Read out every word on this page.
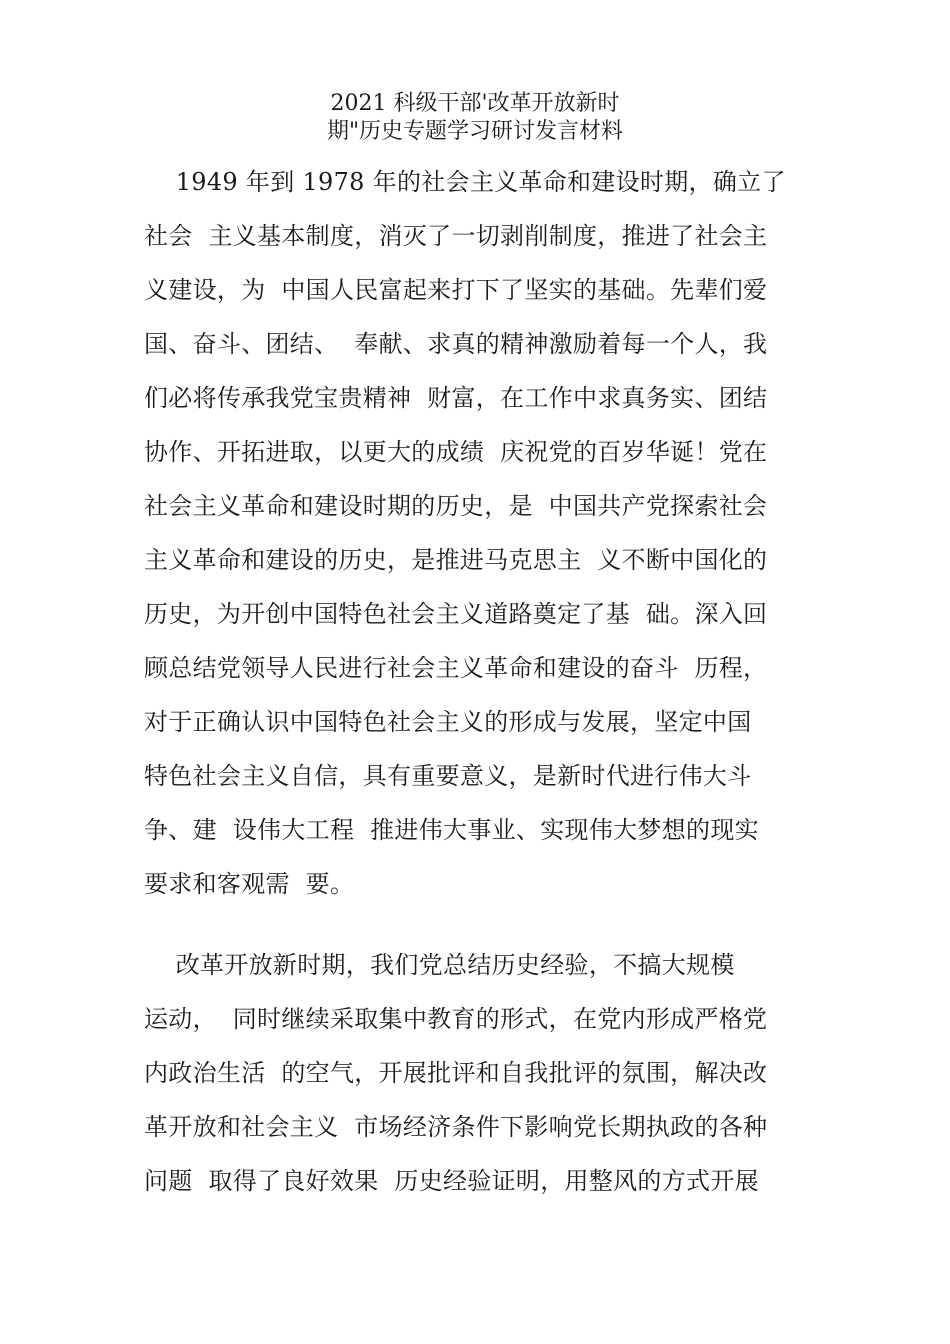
2021 科级干部'改革开放新时
期"历史专题学习研讨发言材料
1949 年到 1978 年的社会主义革命和建设时期，确立了
社会  主义基本制度，消灭了一切剥削制度，推进了社会主
义建设，为  中国人民富起来打下了坚实的基础。先辈们爱
国、奋斗、团结、  奉献、求真的精神激励着每一个人，我
们必将传承我党宝贵精神  财富，在工作中求真务实、团结
协作、开拓进取，以更大的成绩  庆祝党的百岁华诞！党在
社会主义革命和建设时期的历史，是  中国共产党探索社会
主义革命和建设的历史，是推进马克思主  义不断中国化的
历史，为开创中国特色社会主义道路奠定了基  础。深入回
顾总结党领导人民进行社会主义革命和建设的奋斗  历程，
对于正确认识中国特色社会主义的形成与发展，坚定中国
特色社会主义自信，具有重要意义，是新时代进行伟大斗
争、建  设伟大工程  推进伟大事业、实现伟大梦想的现实
要求和客观需  要。
改革开放新时期，我们党总结历史经验，不搞大规模
运动，  同时继续采取集中教育的形式，在党内形成严格党
内政治生活  的空气，开展批评和自我批评的氛围，解决改
革开放和社会主义  市场经济条件下影响党长期执政的各种
问题  取得了良好效果  历史经验证明，用整风的方式开展
